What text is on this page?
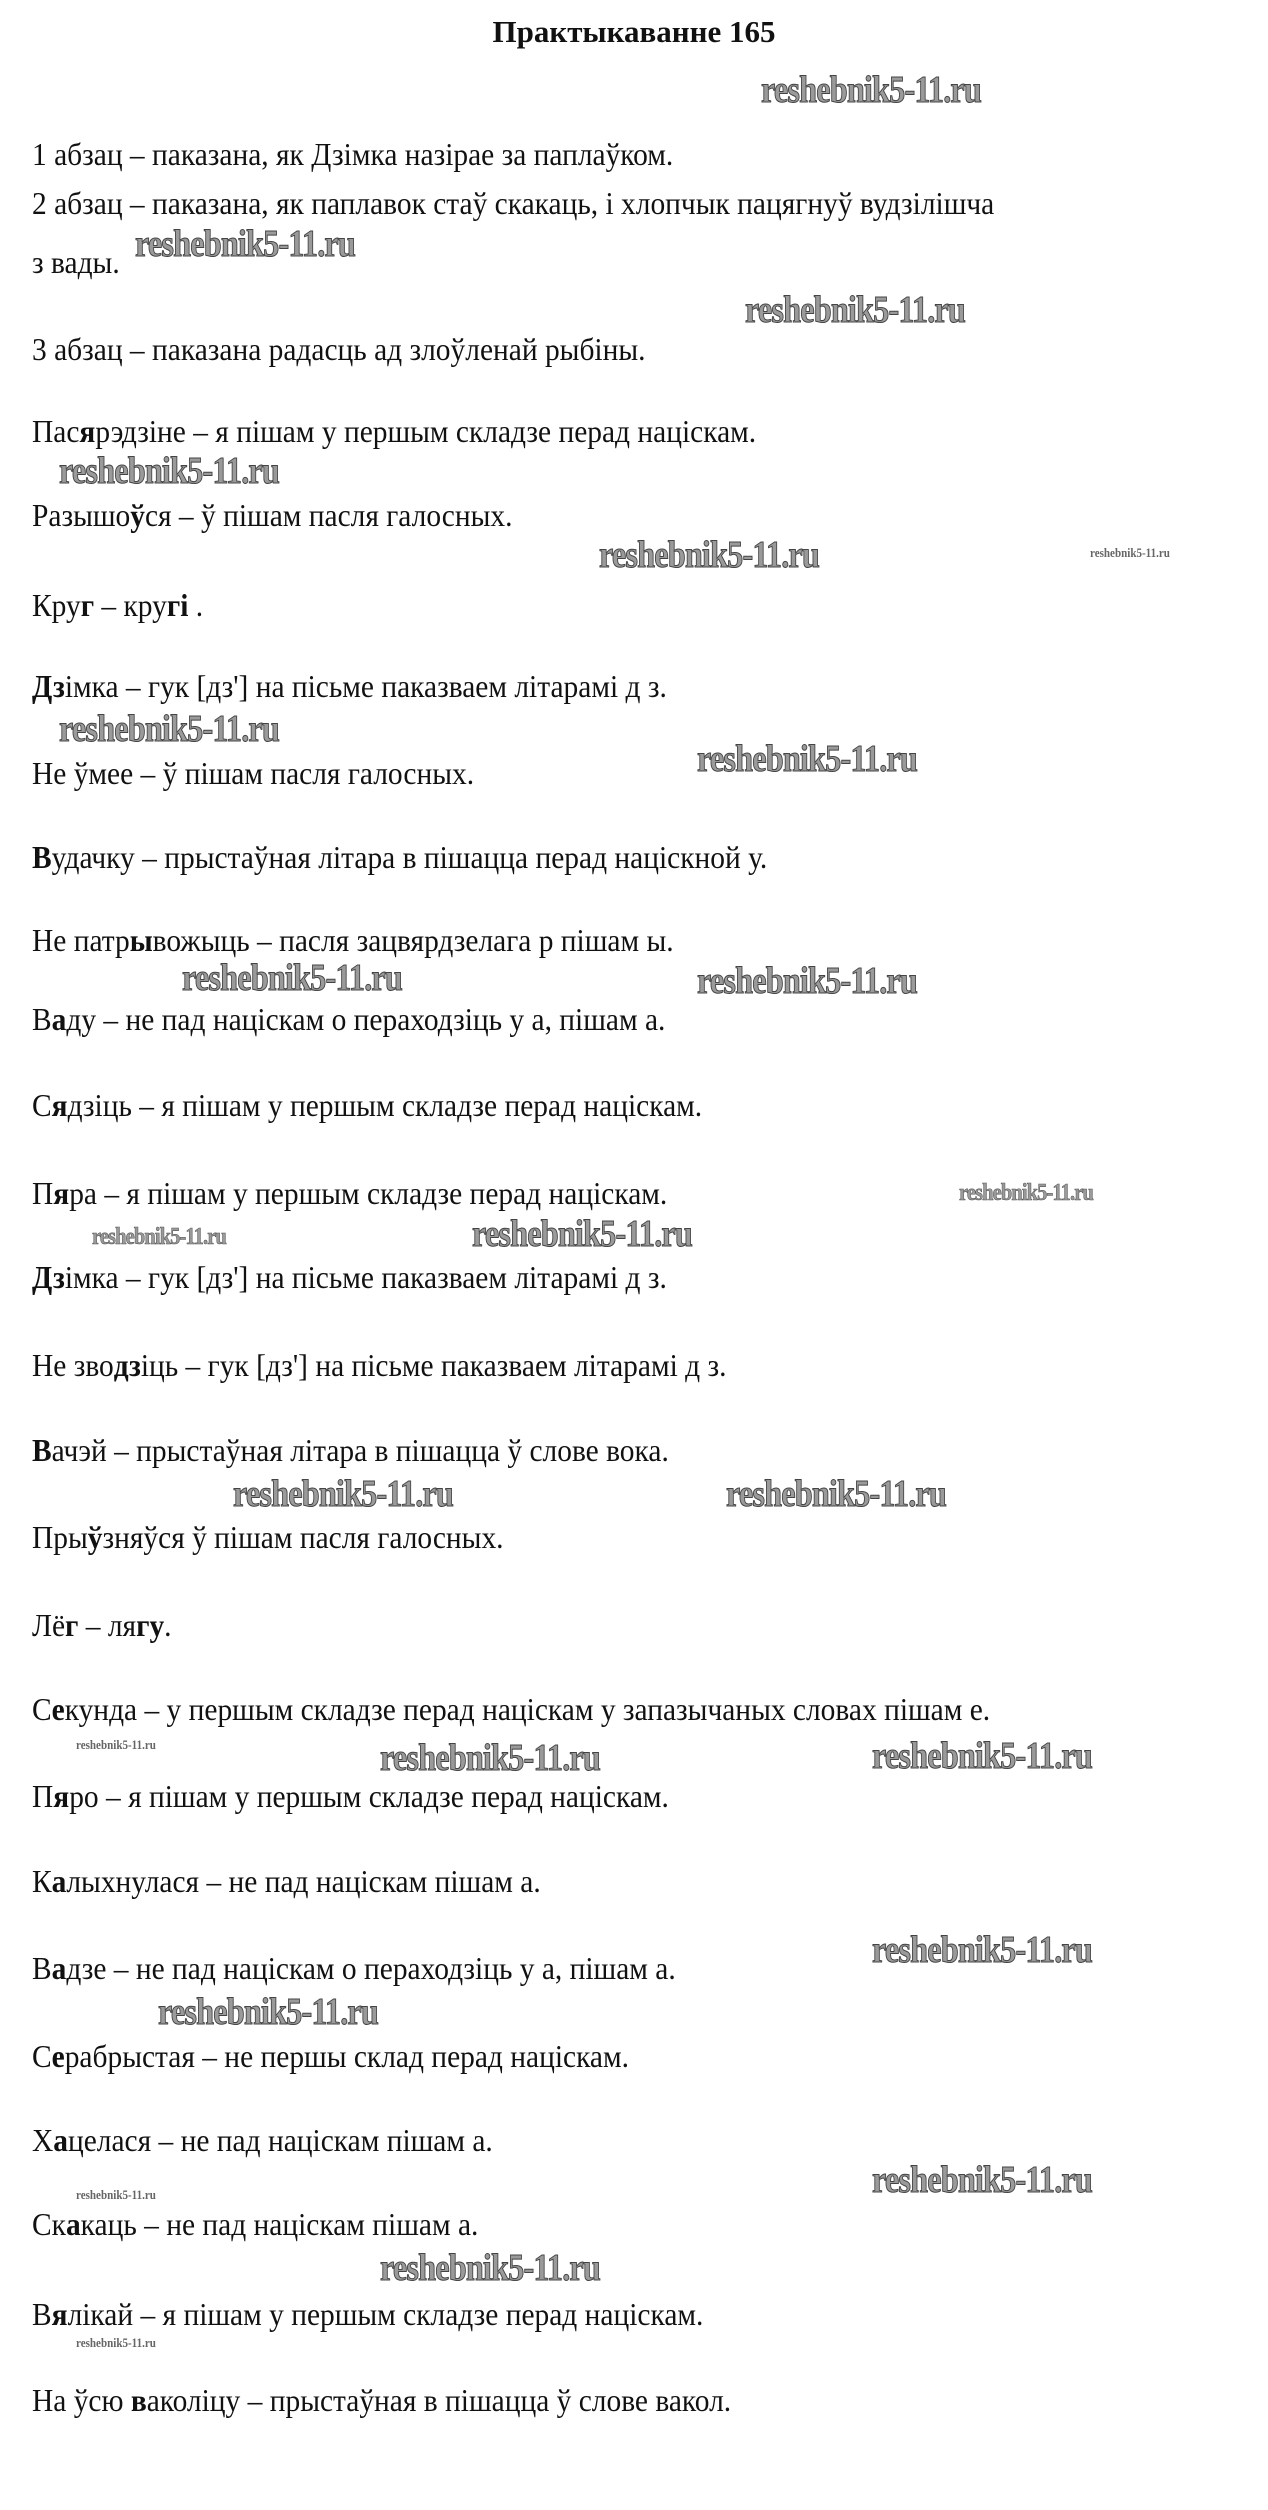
Практыкаванне 165
1 абзац – паказана, як Дзімка назірае за паплаўком.
2 абзац – паказана, як паплавок стаў скакаць, і хлопчык пацягнуў вудзілішча
з вады.
3 абзац – паказана радасць ад злоўленай рыбіны.
Пасярэдзіне – я пішам у першым складзе перад націскам.
Разышоўся – ў пішам пасля галосных.
Круг – кругі .
Дзімка – гук [дз'] на пісьме паказваем літарамі д з.
Не ўмее – ў пішам пасля галосных.
Вудачку – прыстаўная літара в пішацца перад націскной у.
Не патрывожыць – пасля зацвярдзелага р пішам ы.
Ваду – не пад націскам о пераходзіць у а, пішам а.
Сядзіць – я пішам у першым складзе перад націскам.
Пяра – я пішам у першым складзе перад націскам.
Дзімка – гук [дз'] на пісьме паказваем літарамі д з.
Не зводзіць – гук [дз'] на пісьме паказваем літарамі д з.
Вачэй – прыстаўная літара в пішацца ў слове вока.
Прыўзняўся ў пішам пасля галосных.
Лёг – лягу.
Секунда – у першым складзе перад націскам у запазычаных словах пішам е.
Пяро – я пішам у першым складзе перад націскам.
Калыхнулася – не пад націскам пішам а.
Вадзе – не пад націскам о пераходзіць у а, пішам а.
Серабрыстая – не першы склад перад націскам.
Хацелася – не пад націскам пішам а.
Скакаць – не пад націскам пішам а.
Вялікай – я пішам у першым складзе перад націскам.
На ўсю ваколіцу – прыстаўная в пішацца ў слове вакол.
reshebnik5-11.ru
reshebnik5-11.ru
reshebnik5-11.ru
reshebnik5-11.ru
reshebnik5-11.ru
reshebnik5-11.ru
reshebnik5-11.ru
reshebnik5-11.ru	reshebnik5-11.ru
reshebnik5-11.ru
reshebnik5-11.ru	reshebnik5-11.ru
reshebnik5-11.ru	reshebnik5-11.ru
reshebnik5-11.ru
reshebnik5-11.ru
reshebnik5-11.ru
reshebnik5-11.ru
reshebnik5-11.ru
reshebnik5-11.ru
reshebnik5-11.ru
reshebnik5-11.ru
reshebnik5-11.ru
reshebnik5-11.ru
